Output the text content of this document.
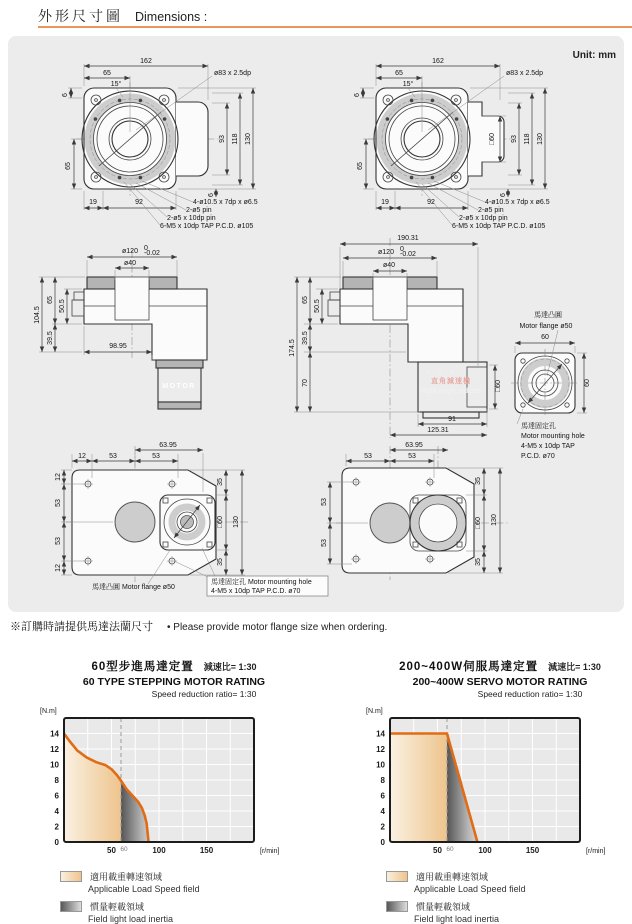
外形尺寸圖 Dimensions :
Unit: mm
162
65
15°
ø83 x 2.5dp
6
65
93 118 130
19	92
6
4-ø10.5 x 7dp x ø6.5
2-ø5 pin
2-ø5 x 10dp pin
6-M5 x 10dp TAP P.C.D. ø105
162
65
15°
ø83 x 2.5dp
6
65
□60 93 118 130
19	92
6
4-ø10.5 x 7dp x ø6.5
2-ø5 pin
2-ø5 x 10dp pin
6-M5 x 10dp TAP P.C.D. ø105
ø120 0
-0.02
ø40
104.5
65 50.5
39.5
98.95
MOTOR
190.31
ø120 0
-0.02
ø40
174.5
65 50.5
39.5
70	直角減速機
Right angle reducer □60
91
125.31
馬達凸圓
Motor flange ø50
60
60
馬達固定孔
Motor mounting hole
4-M5 x 10dp TAP
P.C.D. ø70
63.95
12	53	53
12
53
53
12
35
□60
35
130
馬達凸圓 Motor flange ø50
馬達固定孔 Motor mounting hole
4-M5 x 10dp TAP P.C.D. ø70
63.95
53	53
53
53
35
□60
35
130
※訂購時請提供馬達法蘭尺寸 • Please provide motor flange size when ordering.
60型步進馬達定置 減速比= 1:30
60 TYPE STEPPING MOTOR RATING
Speed reduction ratio= 1:30
200~400W伺服馬達定置 減速比= 1:30
200~400W SERVO MOTOR RATING
Speed reduction ratio= 1:30
0
2
4
6
8
10
12
14
50 60	100	150
[N.m]
[r/min]
0
2
4
6
8
10
12
14
50 60	100	150
[N.m]
[r/min]
適用載重轉速領域
Applicable Load Speed field
慣量輕載領域
Field light load inertia
適用載重轉速領域
Applicable Load Speed field
慣量輕載領域
Field light load inertia
